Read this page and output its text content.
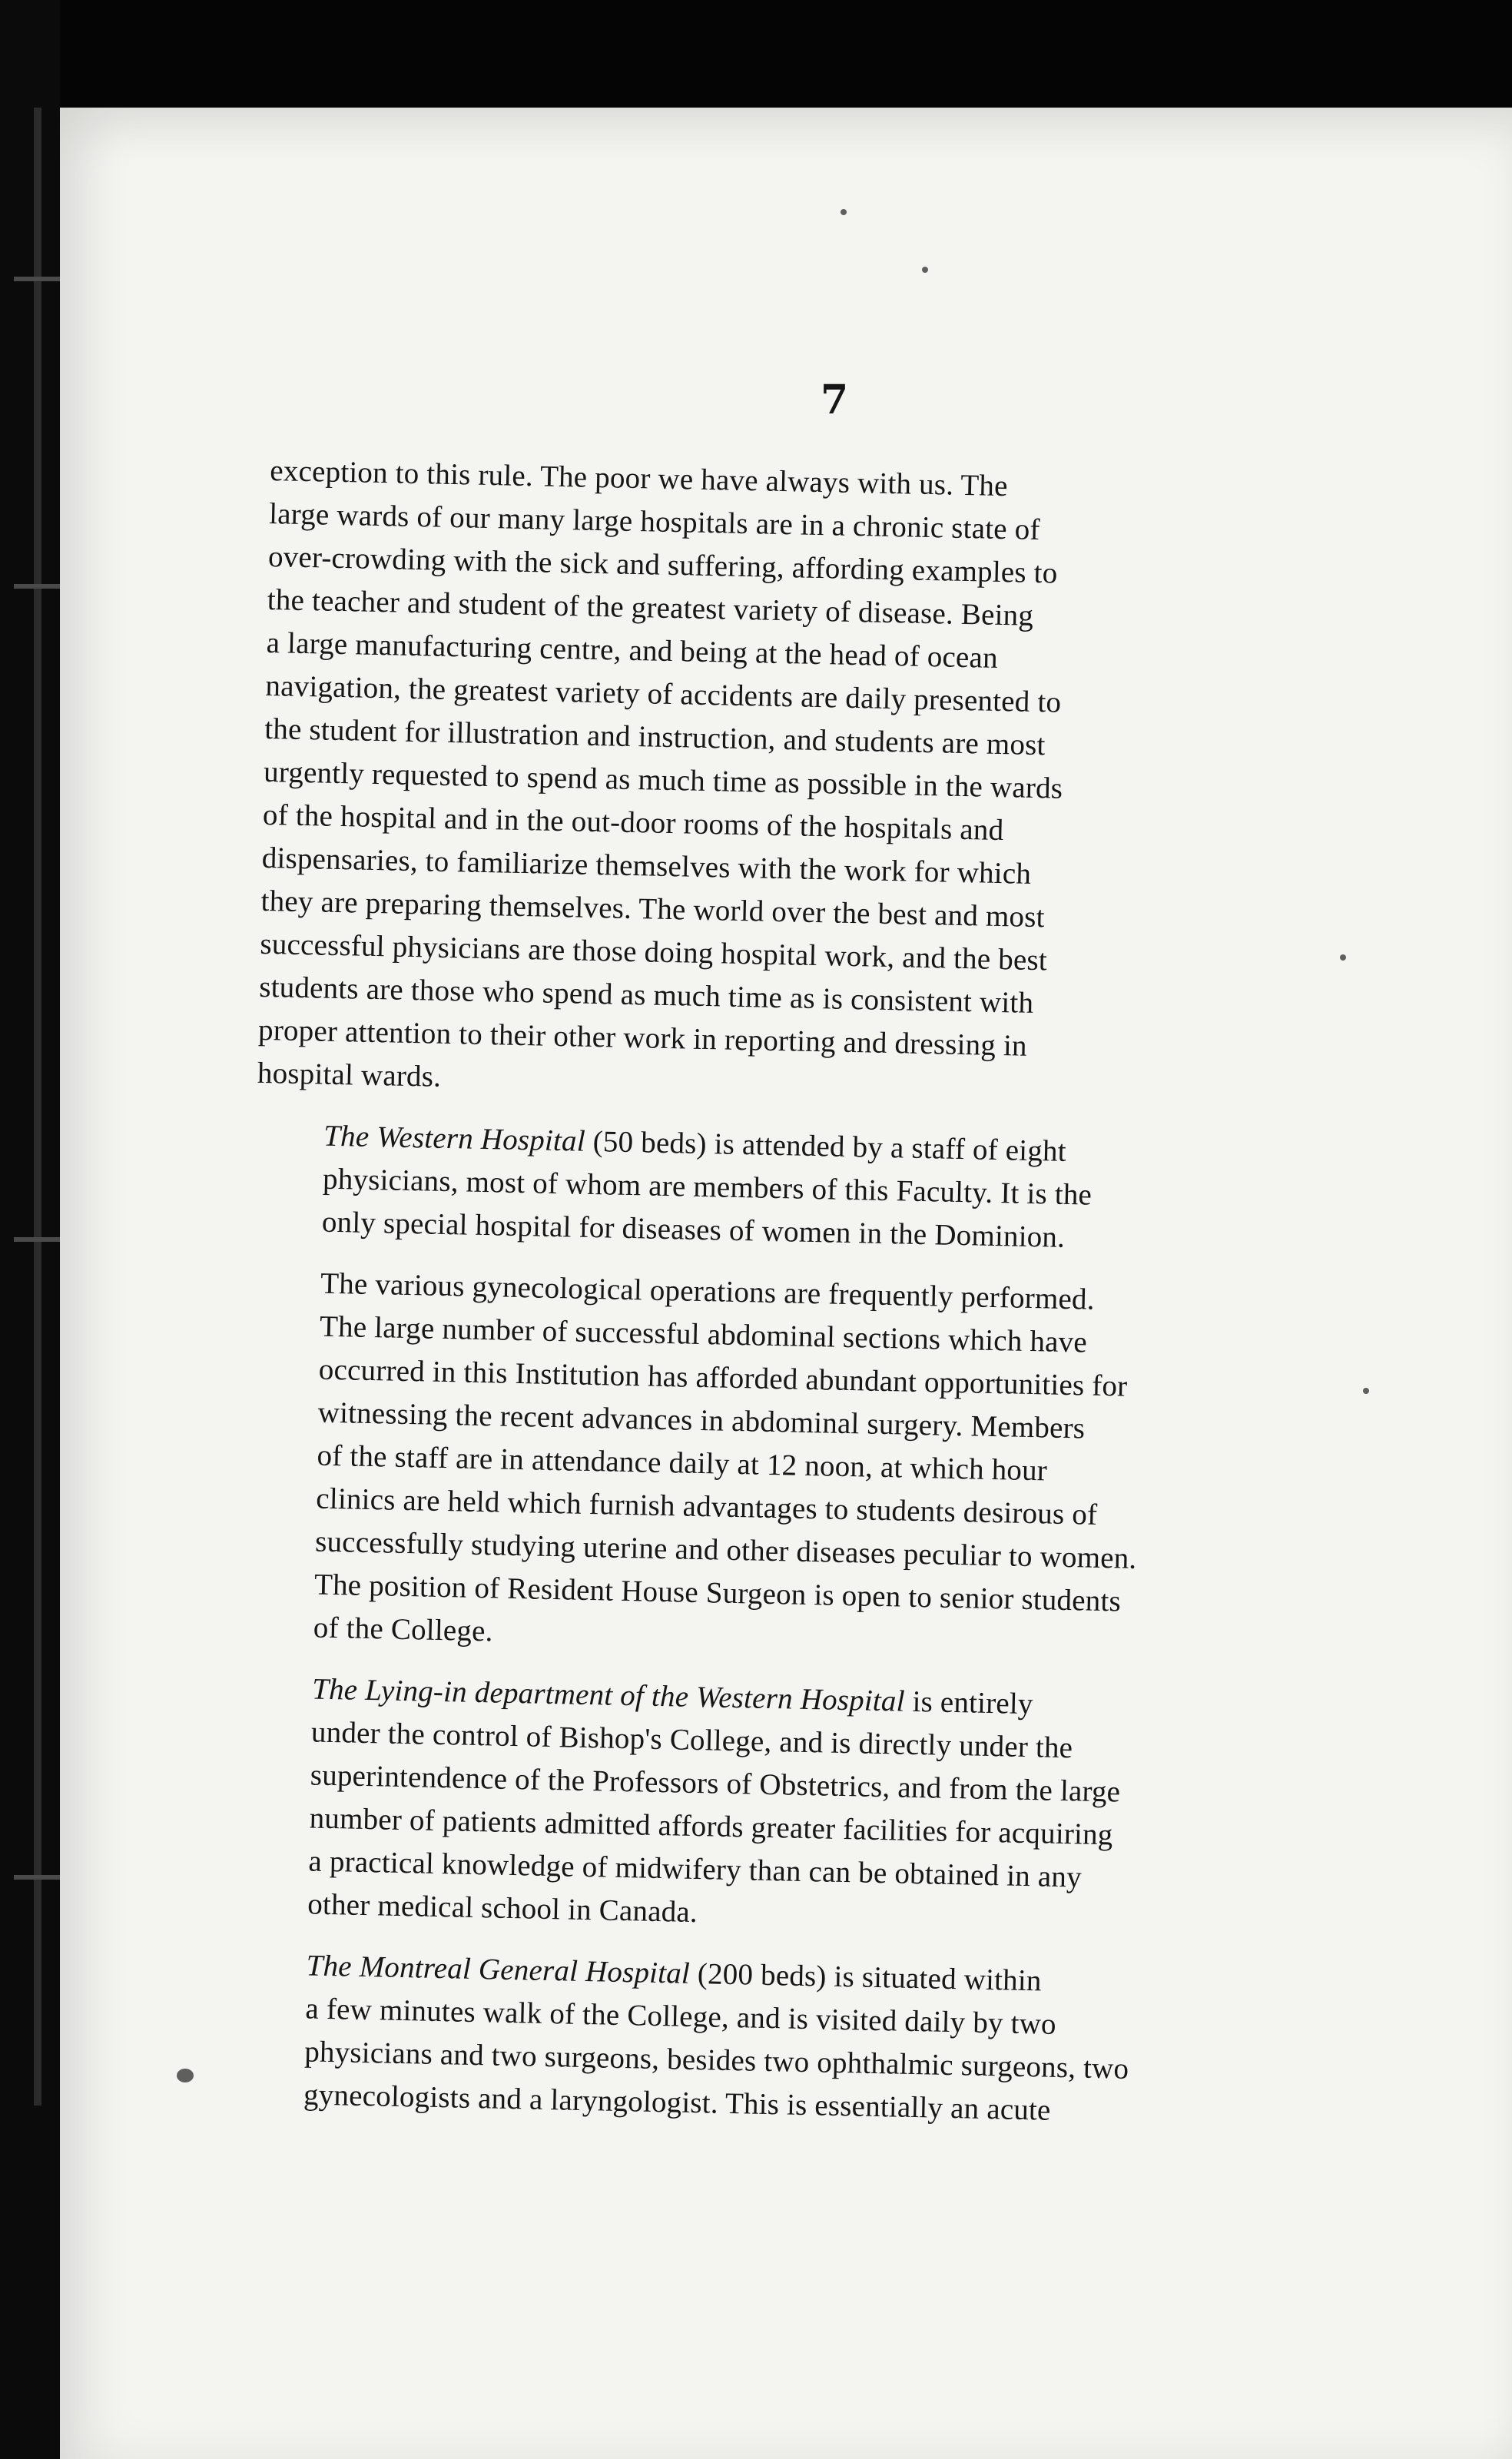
7

exception to this rule. The poor we have always with us. The
large wards of our many large hospitals are in a chronic state of
over-crowding with the sick and suffering, affording examples to
the teacher and student of the greatest variety of disease. Being
a large manufacturing centre, and being at the head of ocean
navigation, the greatest variety of accidents are daily presented to
the student for illustration and instruction, and students are most
urgently requested to spend as much time as possible in the wards
of the hospital and in the out-door rooms of the hospitals and
dispensaries, to familiarize themselves with the work for which
they are preparing themselves. The world over the best and most
successful physicians are those doing hospital work, and the best
students are those who spend as much time as is consistent with
proper attention to their other work in reporting and dressing in
hospital wards.

The Western Hospital (50 beds) is attended by a staff of eight
physicians, most of whom are members of this Faculty. It is the
only special hospital for diseases of women in the Dominion.

The various gynecological operations are frequently performed.
The large number of successful abdominal sections which have
occurred in this Institution has afforded abundant opportunities for
witnessing the recent advances in abdominal surgery. Members
of the staff are in attendance daily at 12 noon, at which hour
clinics are held which furnish advantages to students desirous of
successfully studying uterine and other diseases peculiar to women.
The position of Resident House Surgeon is open to senior students
of the College.

The Lying-in department of the Western Hospital is entirely
under the control of Bishop's College, and is directly under the
superintendence of the Professors of Obstetrics, and from the large
number of patients admitted affords greater facilities for acquiring
a practical knowledge of midwifery than can be obtained in any
other medical school in Canada.

The Montreal General Hospital (200 beds) is situated within
a few minutes walk of the College, and is visited daily by two
physicians and two surgeons, besides two ophthalmic surgeons, two
gynecologists and a laryngologist. This is essentially an acute
